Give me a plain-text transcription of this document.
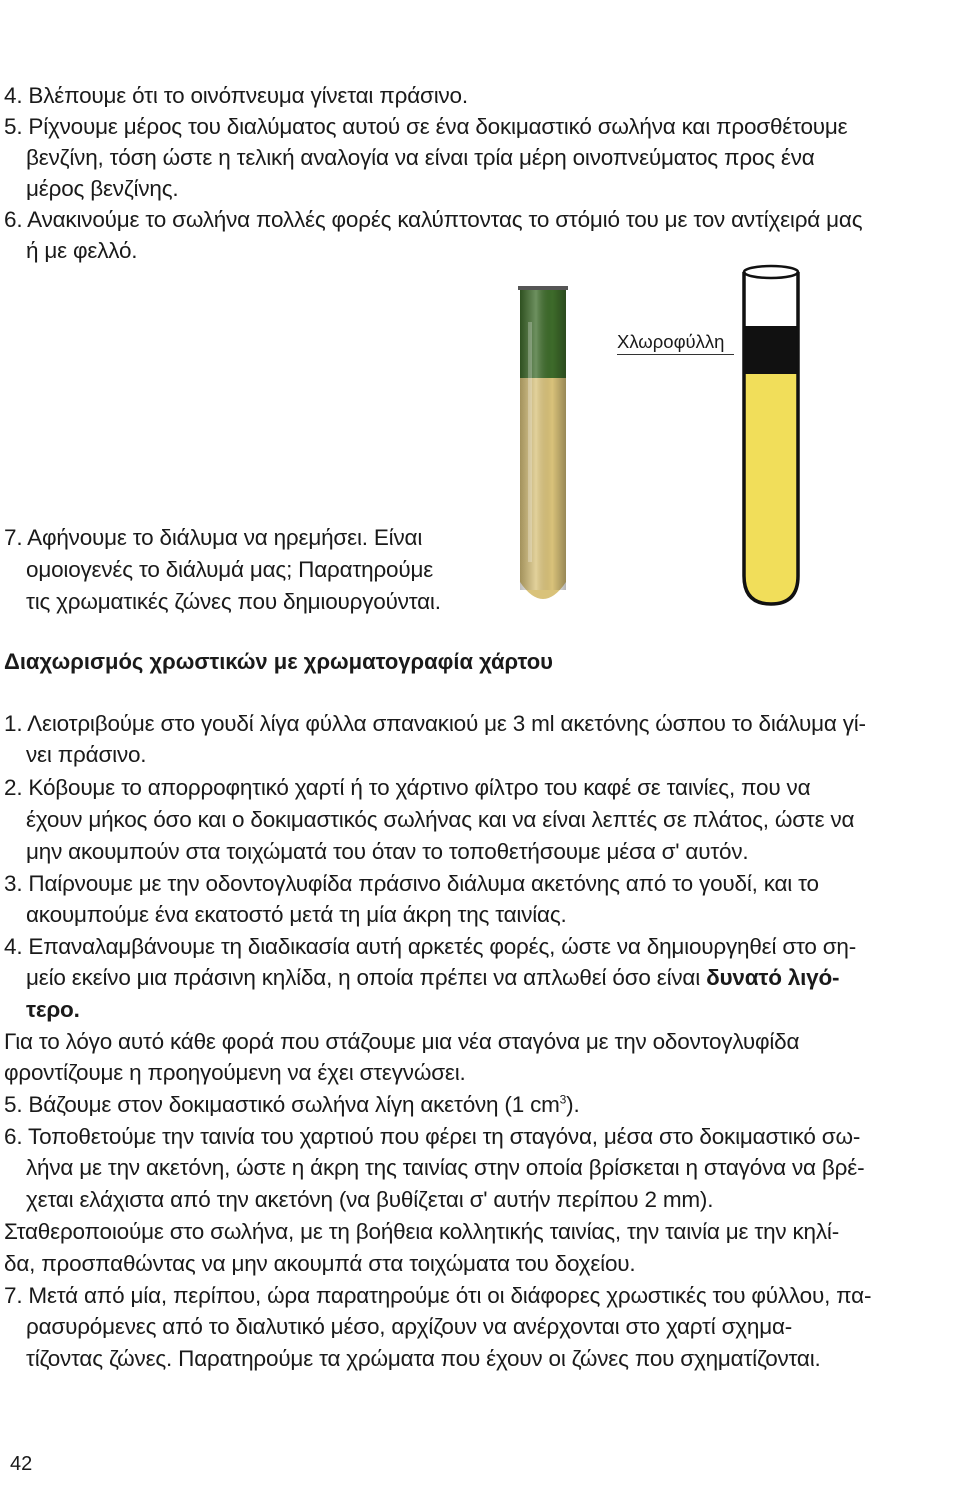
4. Βλέπουμε ότι το οινόπνευμα γίνεται πράσινο.
5. Ρίχνουμε μέρος του διαλύματος αυτού σε ένα δοκιμαστικό σωλήνα και προσθέτουμε
βενζίνη, τόση ώστε η τελική αναλογία να είναι τρία μέρη οινοπνεύματος προς ένα
μέρος βενζίνης.
6. Ανακινούμε το σωλήνα πολλές φορές καλύπτοντας το στόμιό του με τον αντίχειρά μας
ή με φελλό.
Χλωροφύλλη
7. Αφήνουμε το διάλυμα να ηρεμήσει. Είναι
ομοιογενές το διάλυμά μας; Παρατηρούμε
τις χρωματικές ζώνες που δημιουργούνται.
Διαχωρισμός χρωστικών με χρωματογραφία χάρτου
1. Λειοτριβούμε στο γουδί λίγα φύλλα σπανακιού με 3 ml ακετόνης ώσπου το διάλυμα γί-
νει πράσινο.
2. Κόβουμε το απορροφητικό χαρτί ή το χάρτινο φίλτρο του καφέ σε ταινίες, που να
έχουν μήκος όσο και ο δοκιμαστικός σωλήνας και να είναι λεπτές σε πλάτος, ώστε να
μην ακουμπούν στα τοιχώματά του όταν το τοποθετήσουμε μέσα σ' αυτόν.
3. Παίρνουμε με την οδοντογλυφίδα πράσινο διάλυμα ακετόνης από το γουδί, και το
ακουμπούμε ένα εκατοστό μετά τη μία άκρη της ταινίας.
4. Επαναλαμβάνουμε τη διαδικασία αυτή αρκετές φορές, ώστε να δημιουργηθεί στο ση-
μείο εκείνο μια πράσινη κηλίδα, η οποία πρέπει να απλωθεί όσο είναι δυνατό λιγό-
τερο.
Για το λόγο αυτό κάθε φορά που στάζουμε μια νέα σταγόνα με την οδοντογλυφίδα
φροντίζουμε η προηγούμενη να έχει στεγνώσει.
5. Βάζουμε στον δοκιμαστικό σωλήνα λίγη ακετόνη (1 $cm^3$).
6. Τοποθετούμε την ταινία του χαρτιού που φέρει τη σταγόνα, μέσα στο δοκιμαστικό σω-
λήνα με την ακετόνη, ώστε η άκρη της ταινίας στην οποία βρίσκεται η σταγόνα να βρέ-
χεται ελάχιστα από την ακετόνη (να βυθίζεται σ' αυτήν περίπου 2 mm).
Σταθεροποιούμε στο σωλήνα, με τη βοήθεια κολλητικής ταινίας, την ταινία με την κηλί-
δα, προσπαθώντας να μην ακουμπά στα τοιχώματα του δοχείου.
7. Μετά από μία, περίπου, ώρα παρατηρούμε ότι οι διάφορες χρωστικές του φύλλου, πα-
ρασυρόμενες από το διαλυτικό μέσο, αρχίζουν να ανέρχονται στο χαρτί σχημα-
τίζοντας ζώνες. Παρατηρούμε τα χρώματα που έχουν οι ζώνες που σχηματίζονται.
42
